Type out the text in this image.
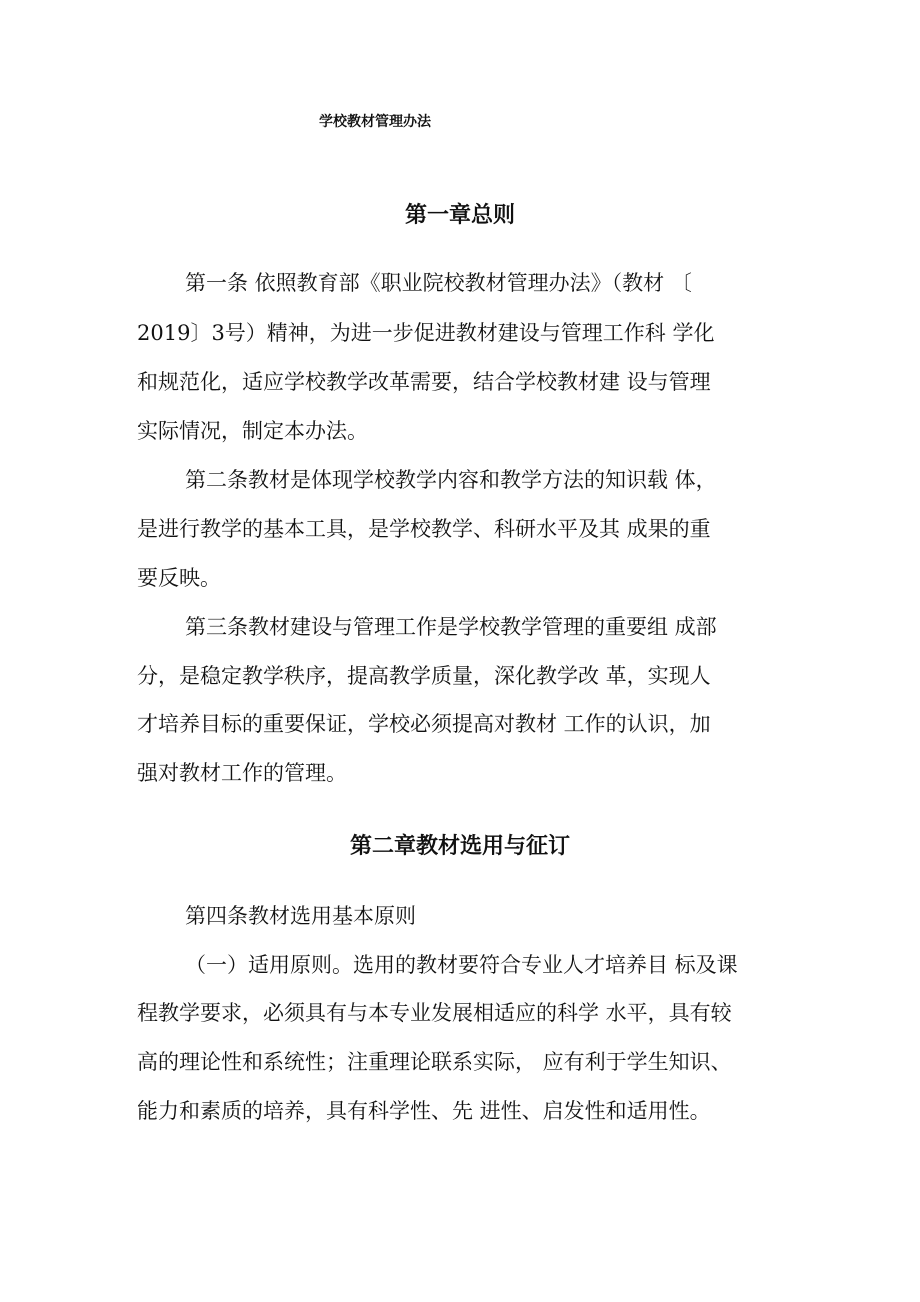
学校教材管理办法
第一章总则
第一条 依照教育部《职业院校教材管理办法》（教材 〔
2019〕3号）精神，为进一步促进教材建设与管理工作科 学化
和规范化，适应学校教学改革需要，结合学校教材建 设与管理
实际情况，制定本办法。
第二条教材是体现学校教学内容和教学方法的知识载 体，
是进行教学的基本工具，是学校教学、科研水平及其 成果的重
要反映。
第三条教材建设与管理工作是学校教学管理的重要组 成部
分，是稳定教学秩序，提高教学质量，深化教学改 革，实现人
才培养目标的重要保证，学校必须提高对教材 工作的认识，加
强对教材工作的管理。
第二章教材选用与征订
第四条教材选用基本原则
（一）适用原则。选用的教材要符合专业人才培养目 标及课
程教学要求，必须具有与本专业发展相适应的科学 水平，具有较
高的理论性和系统性；注重理论联系实际， 应有利于学生知识、
能力和素质的培养，具有科学性、先 进性、启发性和适用性。
